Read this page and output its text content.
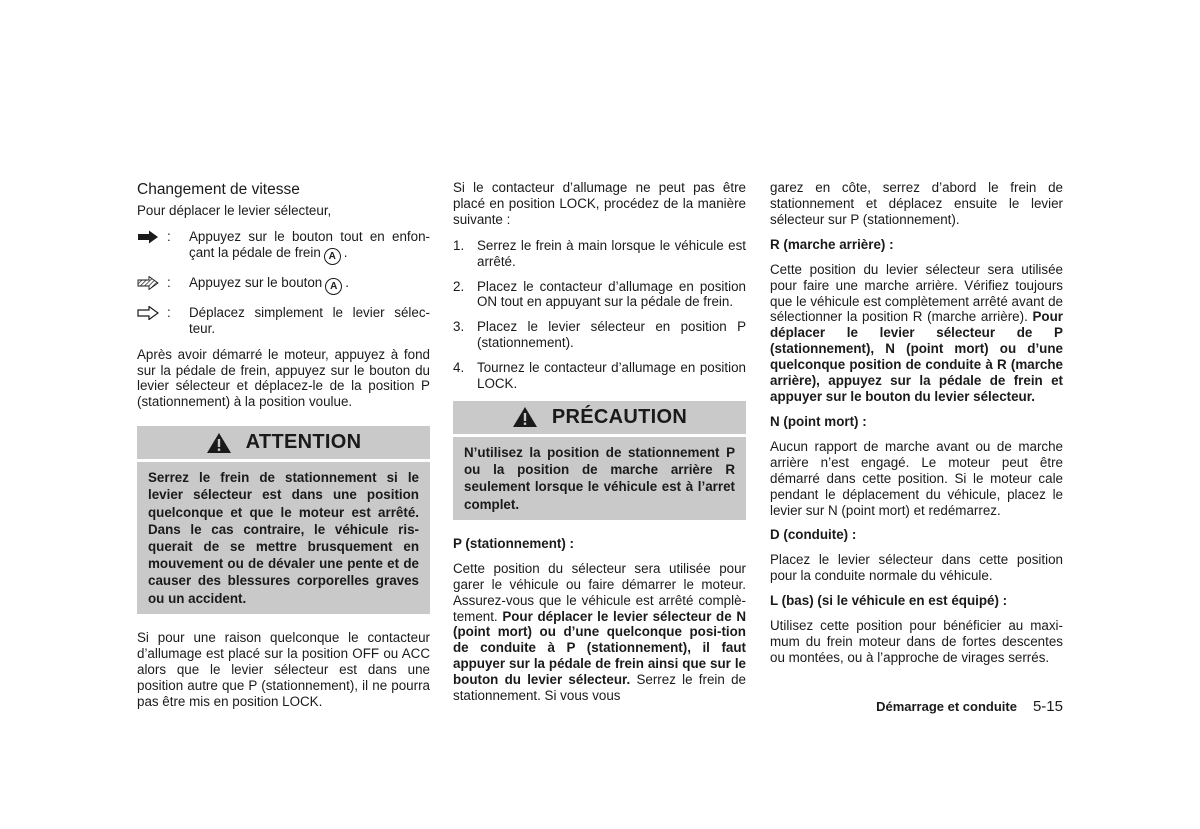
Changement de vitesse

Pour déplacer le levier sélecteur,

:	Appuyez sur le bouton tout en enfon-çant la pédale de frein A .

:	Appuyez sur le bouton A .

:	Déplacez simplement le levier sélec-teur.

Après avoir démarré le moteur, appuyez à fond sur la pédale de frein, appuyez sur le bouton du levier sélecteur et déplacez-le de la position P (stationnement) à la position voulue.

ATTENTION

Serrez le frein de stationnement si le levier sélecteur est dans une position quelconque et que le moteur est arrêté. Dans le cas contraire, le véhicule ris-querait de se mettre brusquement en mouvement ou de dévaler une pente et de causer des blessures corporelles graves ou un accident.

Si pour une raison quelconque le contacteur d’allumage est placé sur la position OFF ou ACC alors que le levier sélecteur est dans une position autre que P (stationnement), il ne pourra pas être mis en position LOCK.

Si le contacteur d’allumage ne peut pas être placé en position LOCK, procédez de la manière suivante :

1. Serrez le frein à main lorsque le véhicule est arrêté.
2. Placez le contacteur d’allumage en position ON tout en appuyant sur la pédale de frein.
3. Placez le levier sélecteur en position P (stationnement).
4. Tournez le contacteur d’allumage en position LOCK.
PRÉCAUTION

N’utilisez la position de stationnement P ou la position de marche arrière R seulement lorsque le véhicule est à l’arret complet.

P (stationnement) :

Cette position du sélecteur sera utilisée pour garer le véhicule ou faire démarrer le moteur. Assurez-vous que le véhicule est arrêté complè-tement. Pour déplacer le levier sélecteur de N (point mort) ou d’une quelconque posi-tion de conduite à P (stationnement), il faut appuyer sur la pédale de frein ainsi que sur le bouton du levier sélecteur. Serrez le frein de stationnement. Si vous vous

garez en côte, serrez d’abord le frein de stationnement et déplacez ensuite le levier sélecteur sur P (stationnement).

R (marche arrière) :

Cette position du levier sélecteur sera utilisée pour faire une marche arrière. Vérifiez toujours que le véhicule est complètement arrêté avant de sélectionner la position R (marche arrière). Pour déplacer le levier sélecteur de P (stationnement), N (point mort) ou d’une quelconque position de conduite à R (marche arrière), appuyez sur la pédale de frein et appuyer sur le bouton du levier sélecteur.

N (point mort) :

Aucun rapport de marche avant ou de marche arrière n’est engagé. Le moteur peut être démarré dans cette position. Si le moteur cale pendant le déplacement du véhicule, placez le levier sur N (point mort) et redémarrez.

D (conduite) :

Placez le levier sélecteur dans cette position pour la conduite normale du véhicule.

L (bas) (si le véhicule en est équipé) :

Utilisez cette position pour bénéficier au maxi-mum du frein moteur dans de fortes descentes ou montées, ou à l’approche de virages serrés.

Démarrage et conduite 5-15
